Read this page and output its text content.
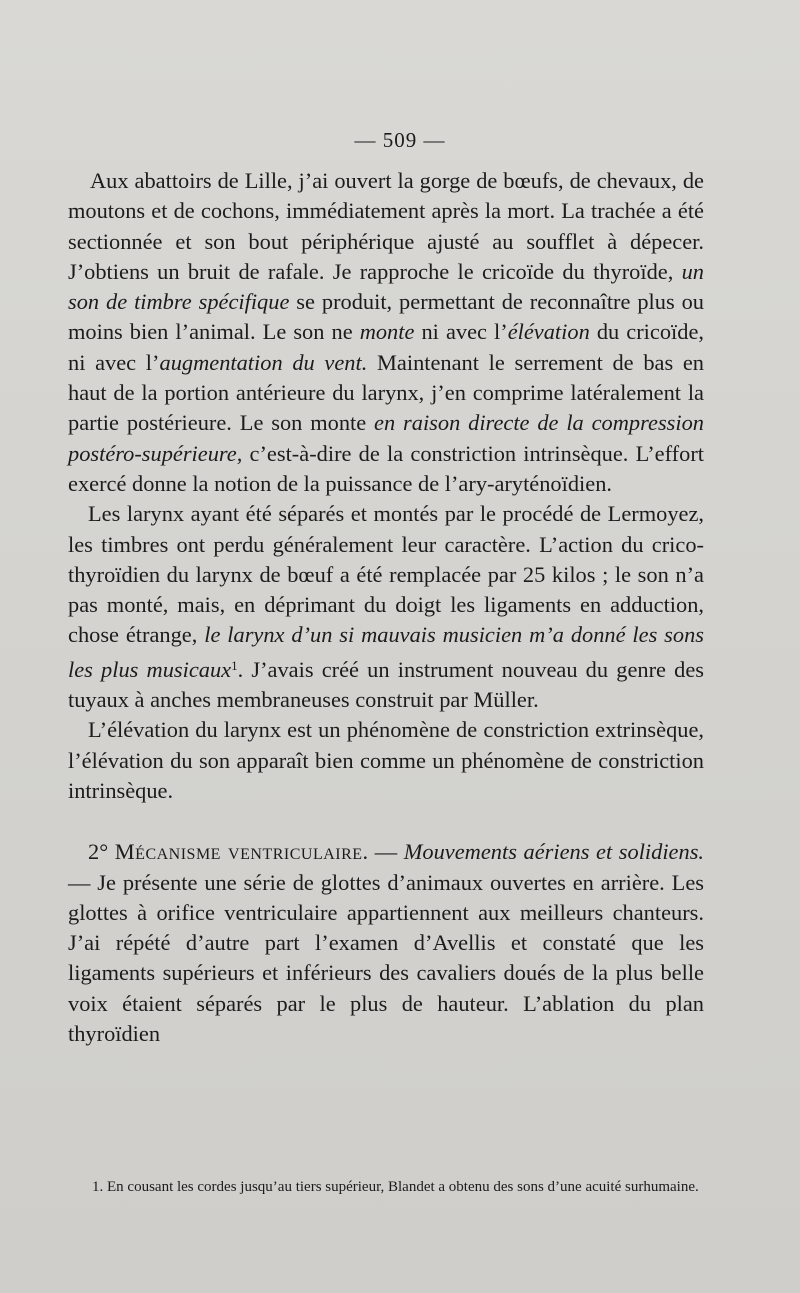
— 509 —

Aux abattoirs de Lille, j’ai ouvert la gorge de bœufs, de chevaux, de moutons et de cochons, immédiatement après la mort. La trachée a été sectionnée et son bout périphérique ajusté au soufflet à dépecer. J’obtiens un bruit de rafale. Je rapproche le cricoïde du thyroïde, un son de timbre spécifique se produit, permettant de reconnaître plus ou moins bien l’animal. Le son ne monte ni avec l’élévation du cricoïde, ni avec l’augmentation du vent. Maintenant le serrement de bas en haut de la portion antérieure du larynx, j’en comprime latéralement la partie postérieure. Le son monte en raison directe de la compression postéro-supérieure, c’est-à-dire de la constriction intrinsèque. L’effort exercé donne la notion de la puissance de l’ary-aryténoïdien.

Les larynx ayant été séparés et montés par le procédé de Lermoyez, les timbres ont perdu généralement leur caractère. L’action du crico-thyroïdien du larynx de bœuf a été remplacée par 25 kilos ; le son n’a pas monté, mais, en déprimant du doigt les ligaments en adduction, chose étrange, le larynx d’un si mauvais musicien m’a donné les sons les plus musicaux$^1$. J’avais créé un instrument nouveau du genre des tuyaux à anches membraneuses construit par Müller.

L’élévation du larynx est un phénomène de constriction extrinsèque, l’élévation du son apparaît bien comme un phénomène de constriction intrinsèque.

2° Mécanisme ventriculaire. — Mouvements aériens et solidiens. — Je présente une série de glottes d’animaux ouvertes en arrière. Les glottes à orifice ventriculaire appartiennent aux meilleurs chanteurs. J’ai répété d’autre part l’examen d’Avellis et constaté que les ligaments supérieurs et inférieurs des cavaliers doués de la plus belle voix étaient séparés par le plus de hauteur. L’ablation du plan thyroïdien

1. En cousant les cordes jusqu’au tiers supérieur, Blandet a obtenu des sons d’une acuité surhumaine.
